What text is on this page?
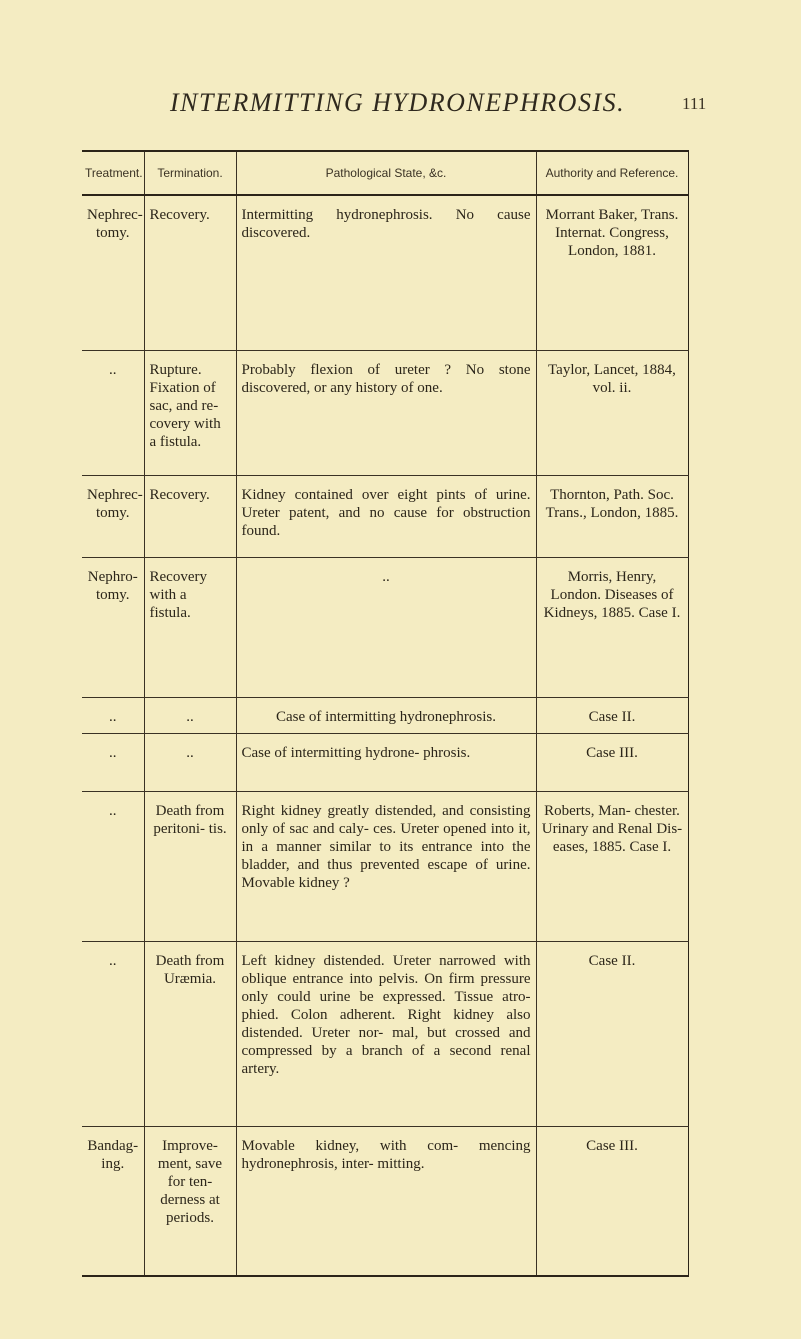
INTERMITTING HYDRONEPHROSIS.	111
Treatment.	Termination.	Pathological State, &c.	Authority and Reference.
Nephrec- tomy.	Recovery.	Intermitting hydronephrosis. No cause discovered.	Morrant Baker, Trans. Internat. Congress, London, 1881.
..	Rupture. Fixation of sac, and re- covery with a fistula.	Probably flexion of ureter ? No stone discovered, or any history of one.	Taylor, Lancet, 1884, vol. ii.
Nephrec- tomy.	Recovery.	Kidney contained over eight pints of urine. Ureter patent, and no cause for obstruction found.	Thornton, Path. Soc. Trans., London, 1885.
Nephro- tomy.	Recovery with a fistula.	..	Morris, Henry, London. Diseases of Kidneys, 1885. Case I.
..	..	Case of intermitting hydronephrosis.	Case II.
..	..	Case of intermitting hydrone- phrosis.	Case III.
..	Death from peritoni- tis.	Right kidney greatly distended, and consisting only of sac and caly- ces. Ureter opened into it, in a manner similar to its entrance into the bladder, and thus prevented escape of urine. Movable kidney ?	Roberts, Man- chester. Urinary and Renal Dis- eases, 1885. Case I.
..	Death from Uræmia.	Left kidney distended. Ureter narrowed with oblique entrance into pelvis. On firm pressure only could urine be expressed. Tissue atro- phied. Colon adherent. Right kidney also distended. Ureter nor- mal, but crossed and compressed by a branch of a second renal artery.	Case II.
Bandag- ing.	Improve- ment, save for ten- derness at periods.	Movable kidney, with com- mencing hydronephrosis, inter- mitting.	Case III.
